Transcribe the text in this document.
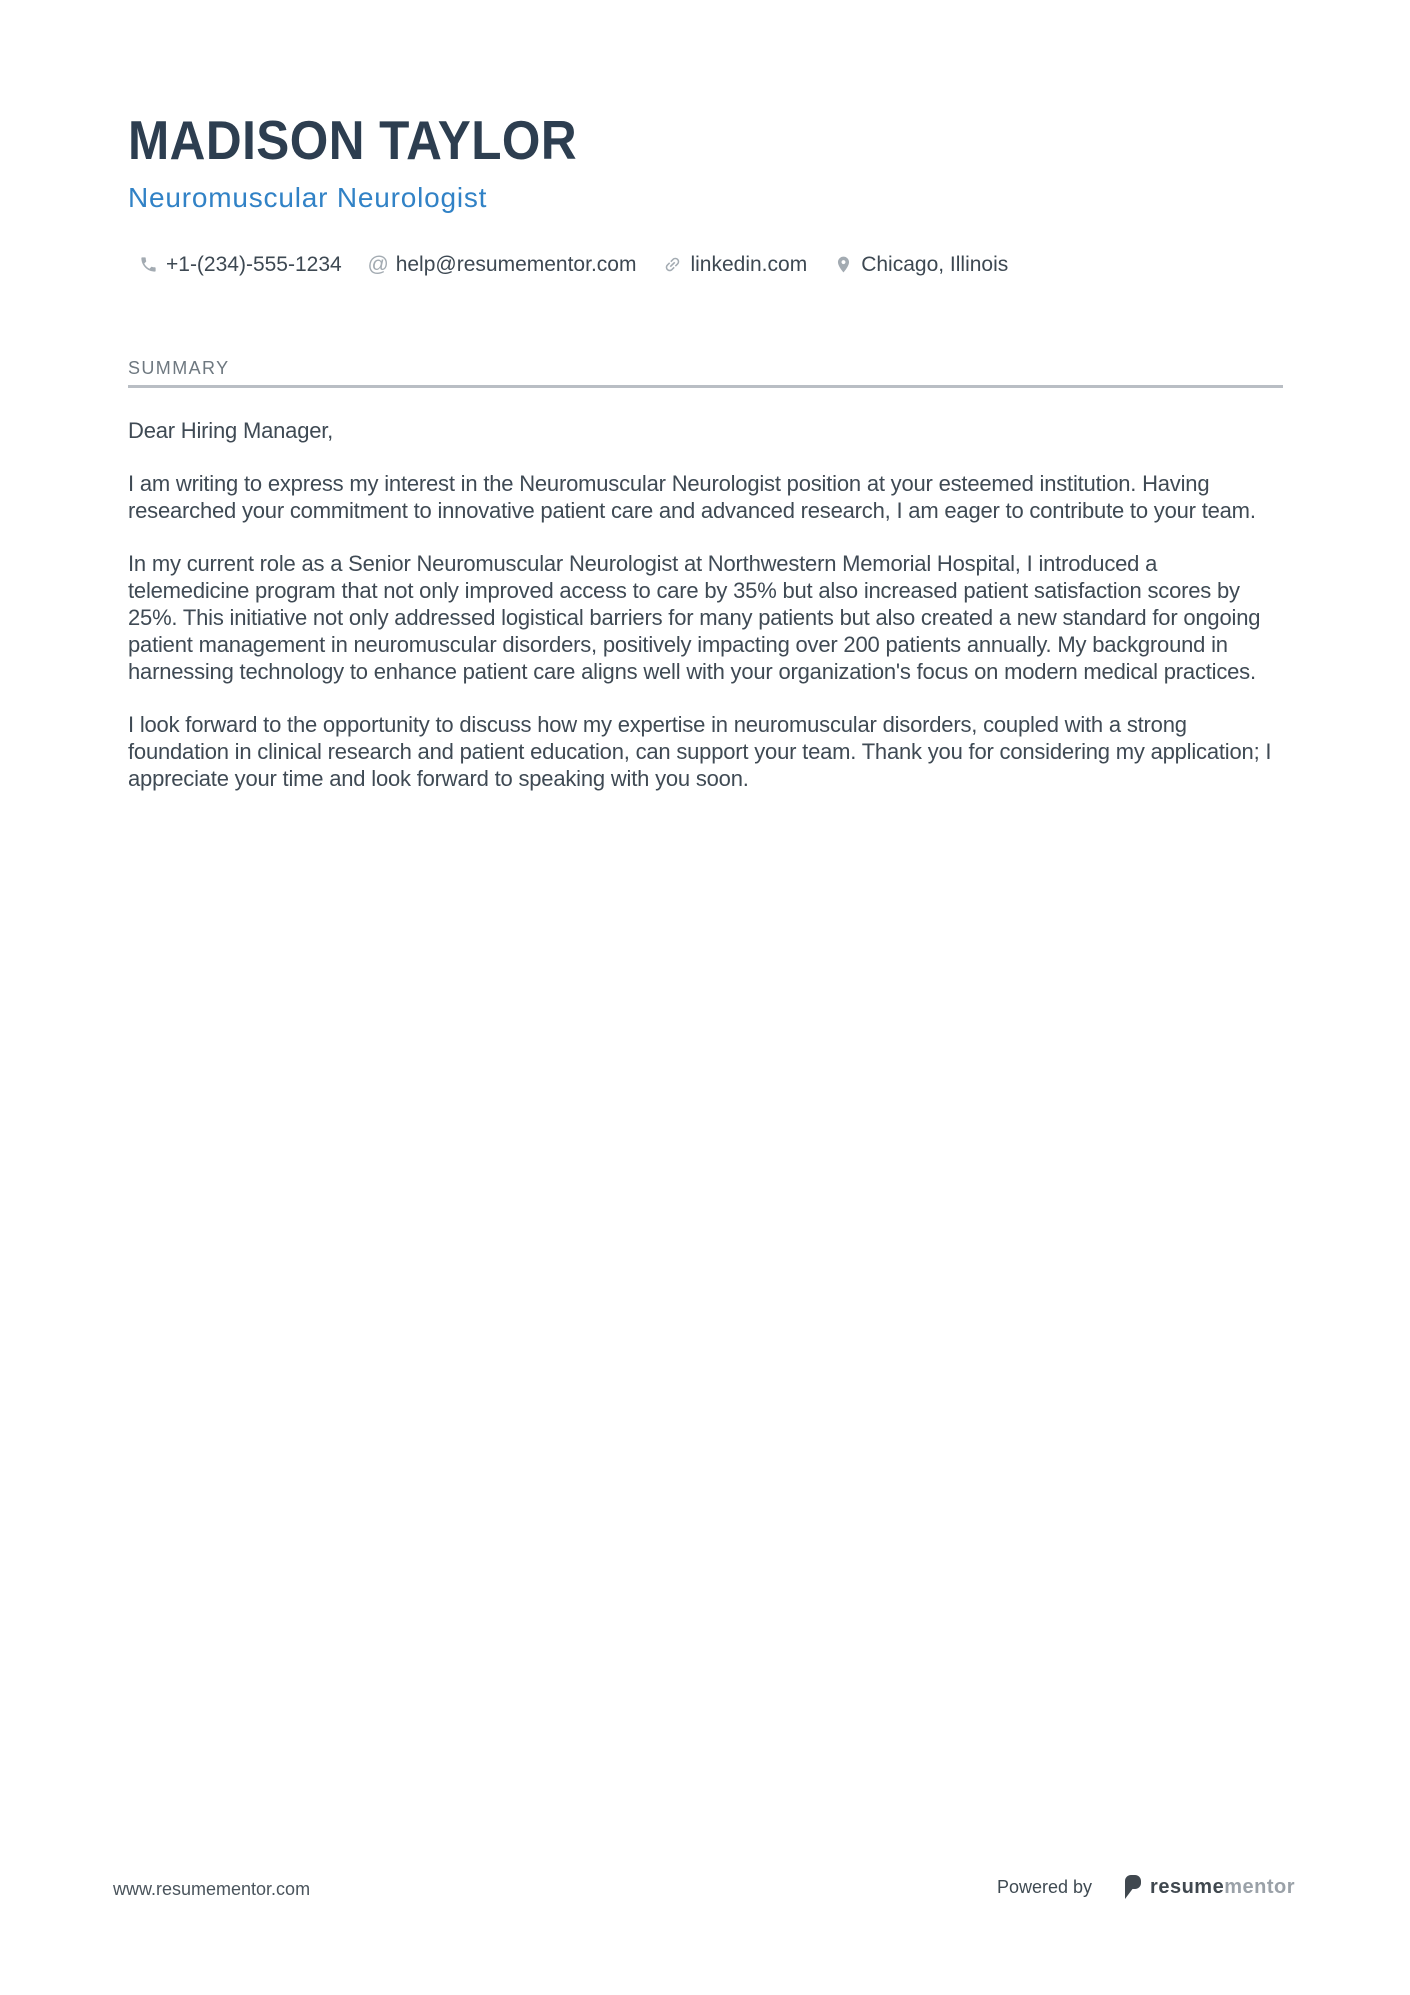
MADISON TAYLOR
Neuromuscular Neurologist
+1-(234)-555-1234 @ help@resumementor.com	linkedin.com	Chicago, Illinois
SUMMARY

Dear Hiring Manager,

I am writing to express my interest in the Neuromuscular Neurologist position at your esteemed institution. Having researched your commitment to innovative patient care and advanced research, I am eager to contribute to your team.

In my current role as a Senior Neuromuscular Neurologist at Northwestern Memorial Hospital, I introduced a telemedicine program that not only improved access to care by 35% but also increased patient satisfaction scores by 25%. This initiative not only addressed logistical barriers for many patients but also created a new standard for ongoing patient management in neuromuscular disorders, positively impacting over 200 patients annually. My background in harnessing technology to enhance patient care aligns well with your organization's focus on modern medical practices.

I look forward to the opportunity to discuss how my expertise in neuromuscular disorders, coupled with a strong foundation in clinical research and patient education, can support your team. Thank you for considering my application; I appreciate your time and look forward to speaking with you soon.

www.resumementor.com	Powered by	resumementor
